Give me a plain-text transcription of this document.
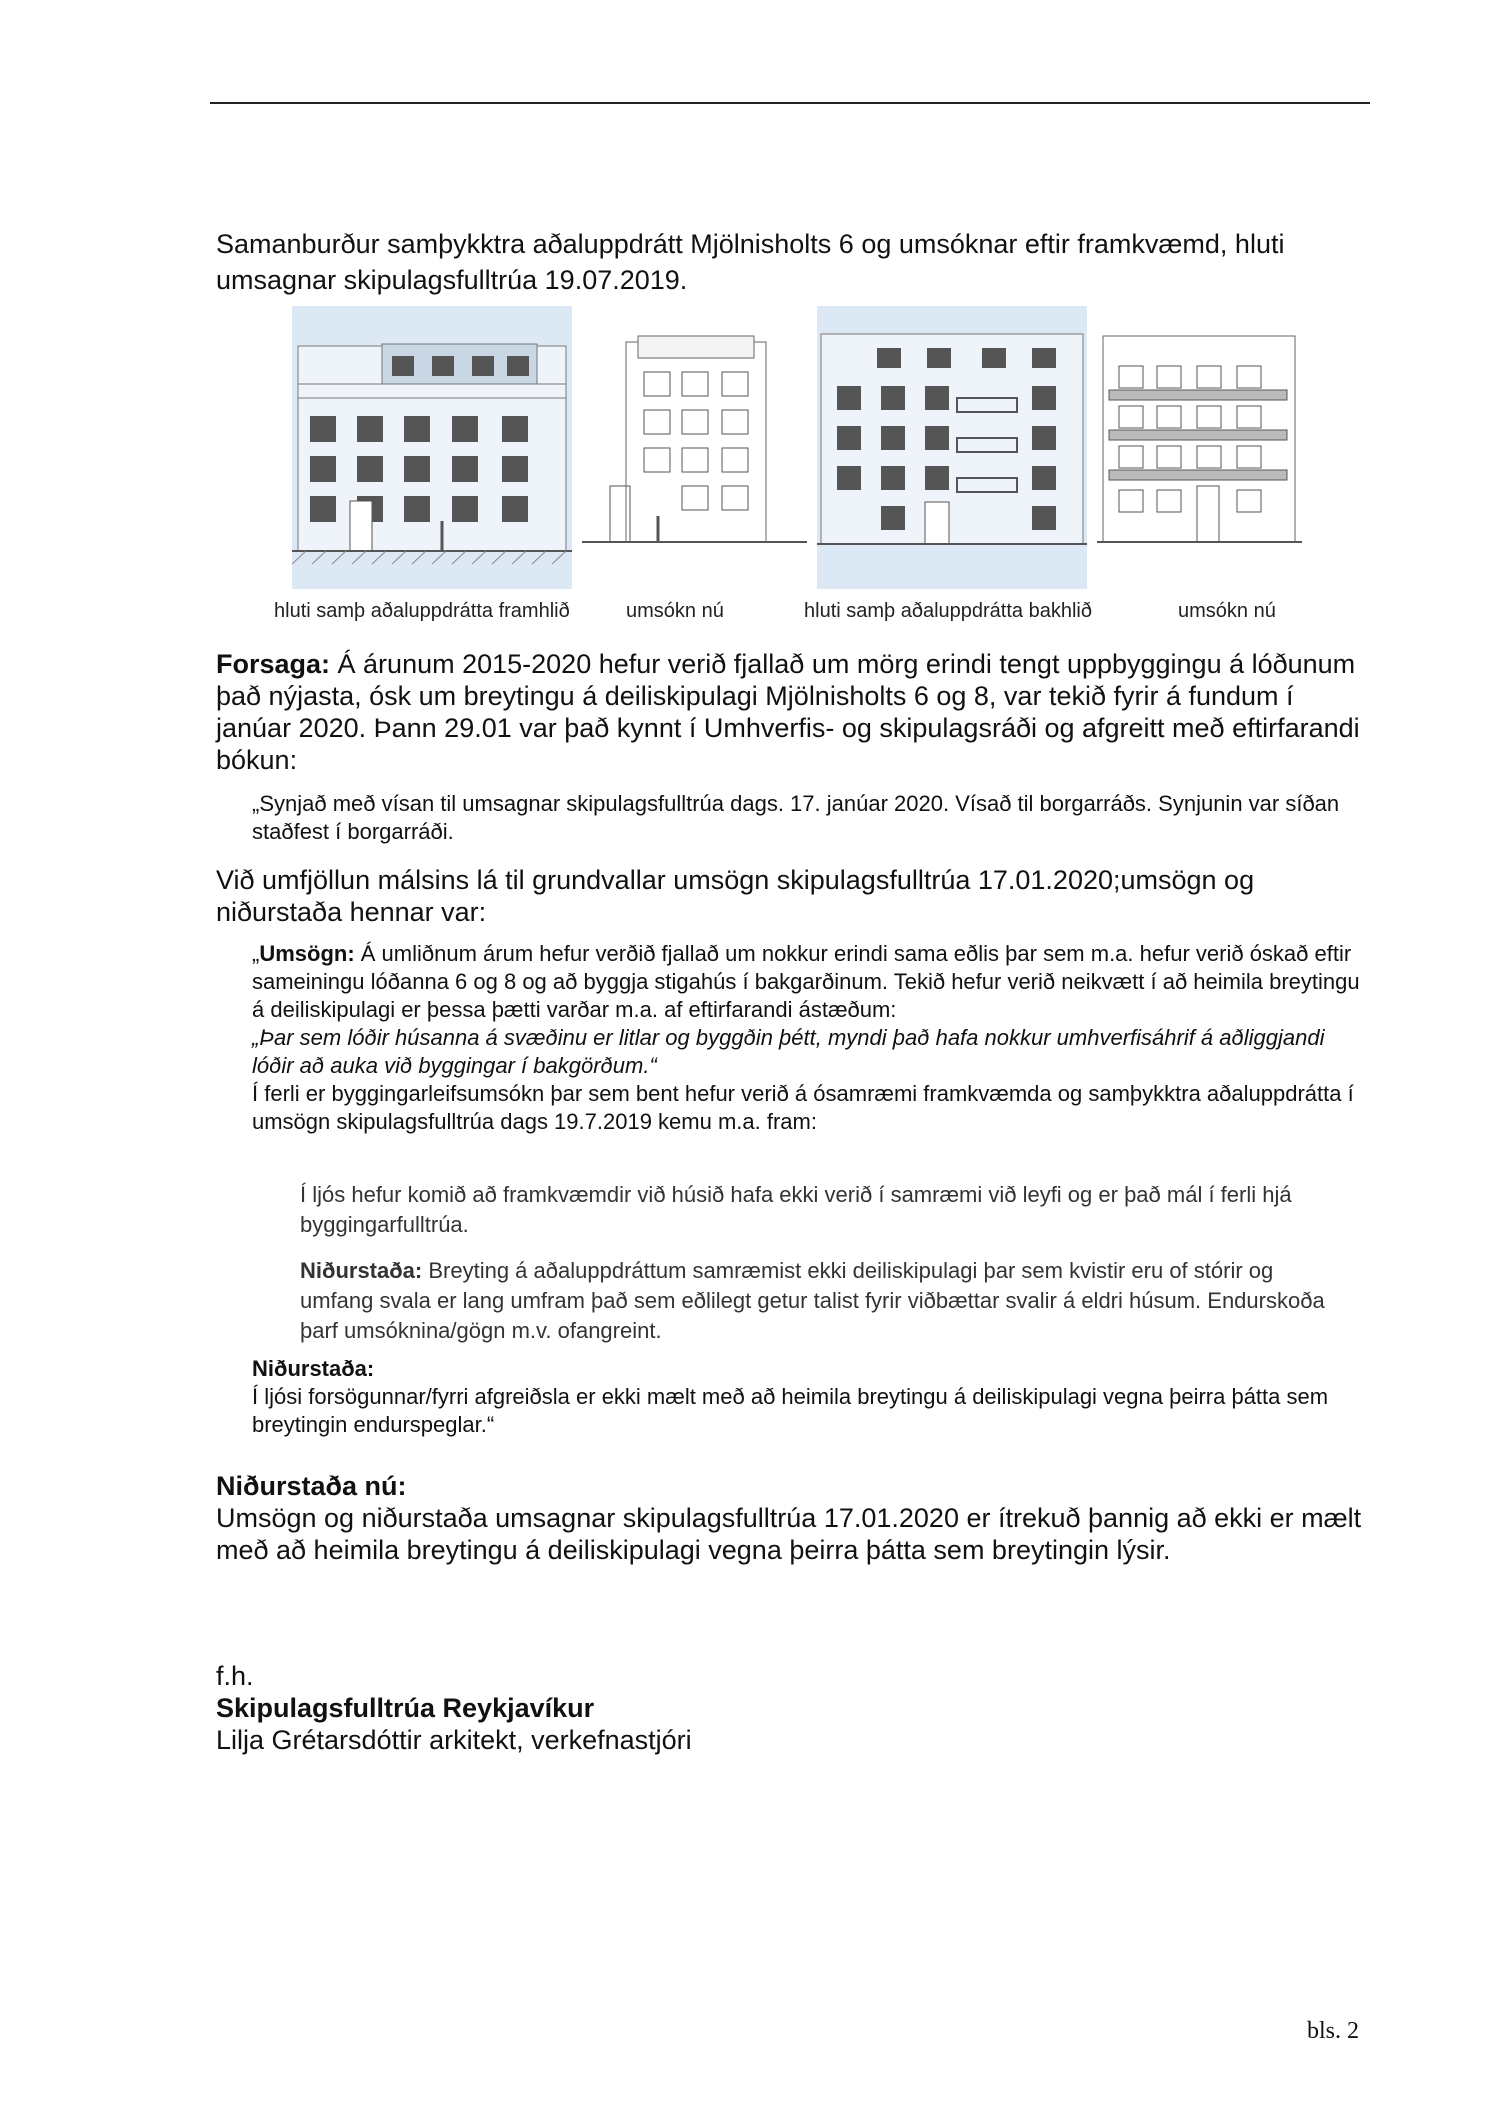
Samanburður samþykktra aðaluppdrátt Mjölnisholts 6 og umsóknar eftir framkvæmd, hluti umsagnar skipulagsfulltrúa 19.07.2019.

hluti samþ aðaluppdrátta framhlið	umsókn nú	hluti samþ aðaluppdrátta bakhlið	umsókn nú

Forsaga: Á árunum 2015-2020 hefur verið fjallað um mörg erindi tengt uppbyggingu á lóðunum það nýjasta, ósk um breytingu á deiliskipulagi Mjölnisholts 6 og 8, var tekið fyrir á fundum í janúar 2020. Þann 29.01 var það kynnt í Umhverfis- og skipulagsráði og afgreitt með eftirfarandi bókun:

„Synjað með vísan til umsagnar skipulagsfulltrúa dags. 17. janúar 2020. Vísað til borgarráðs. Synjunin var síðan staðfest í borgarráði.

Við umfjöllun málsins lá til grundvallar umsögn skipulagsfulltrúa 17.01.2020;umsögn og niðurstaða hennar var:

„Umsögn: Á umliðnum árum hefur verðið fjallað um nokkur erindi sama eðlis þar sem m.a. hefur verið óskað eftir sameiningu lóðanna 6 og 8 og að byggja stigahús í bakgarðinum. Tekið hefur verið neikvætt í að heimila breytingu á deiliskipulagi er þessa þætti varðar m.a. af eftirfarandi ástæðum:

„Þar sem lóðir húsanna á svæðinu er litlar og byggðin þétt, myndi það hafa nokkur umhverfisáhrif á aðliggjandi lóðir að auka við byggingar í bakgörðum.“

Í ferli er byggingarleifsumsókn þar sem bent hefur verið á ósamræmi framkvæmda og samþykktra aðaluppdrátta í umsögn skipulagsfulltrúa dags 19.7.2019 kemu m.a. fram:

Í ljós hefur komið að framkvæmdir við húsið hafa ekki verið í samræmi við leyfi og er það mál í ferli hjá byggingarfulltrúa.

Niðurstaða: Breyting á aðaluppdráttum samræmist ekki deiliskipulagi þar sem kvistir eru of stórir og umfang svala er lang umfram það sem eðlilegt getur talist fyrir viðbættar svalir á eldri húsum. Endurskoða þarf umsóknina/gögn m.v. ofangreint.

Niðurstaða:

Í ljósi forsögunnar/fyrri afgreiðsla er ekki mælt með að heimila breytingu á deiliskipulagi vegna þeirra þátta sem breytingin endurspeglar.“

Niðurstaða nú:

Umsögn og niðurstaða umsagnar skipulagsfulltrúa 17.01.2020 er ítrekuð þannig að ekki er mælt með að heimila breytingu á deiliskipulagi vegna þeirra þátta sem breytingin lýsir.

f.h.

Skipulagsfulltrúa Reykjavíkur

Lilja Grétarsdóttir arkitekt, verkefnastjóri

bls. 2
